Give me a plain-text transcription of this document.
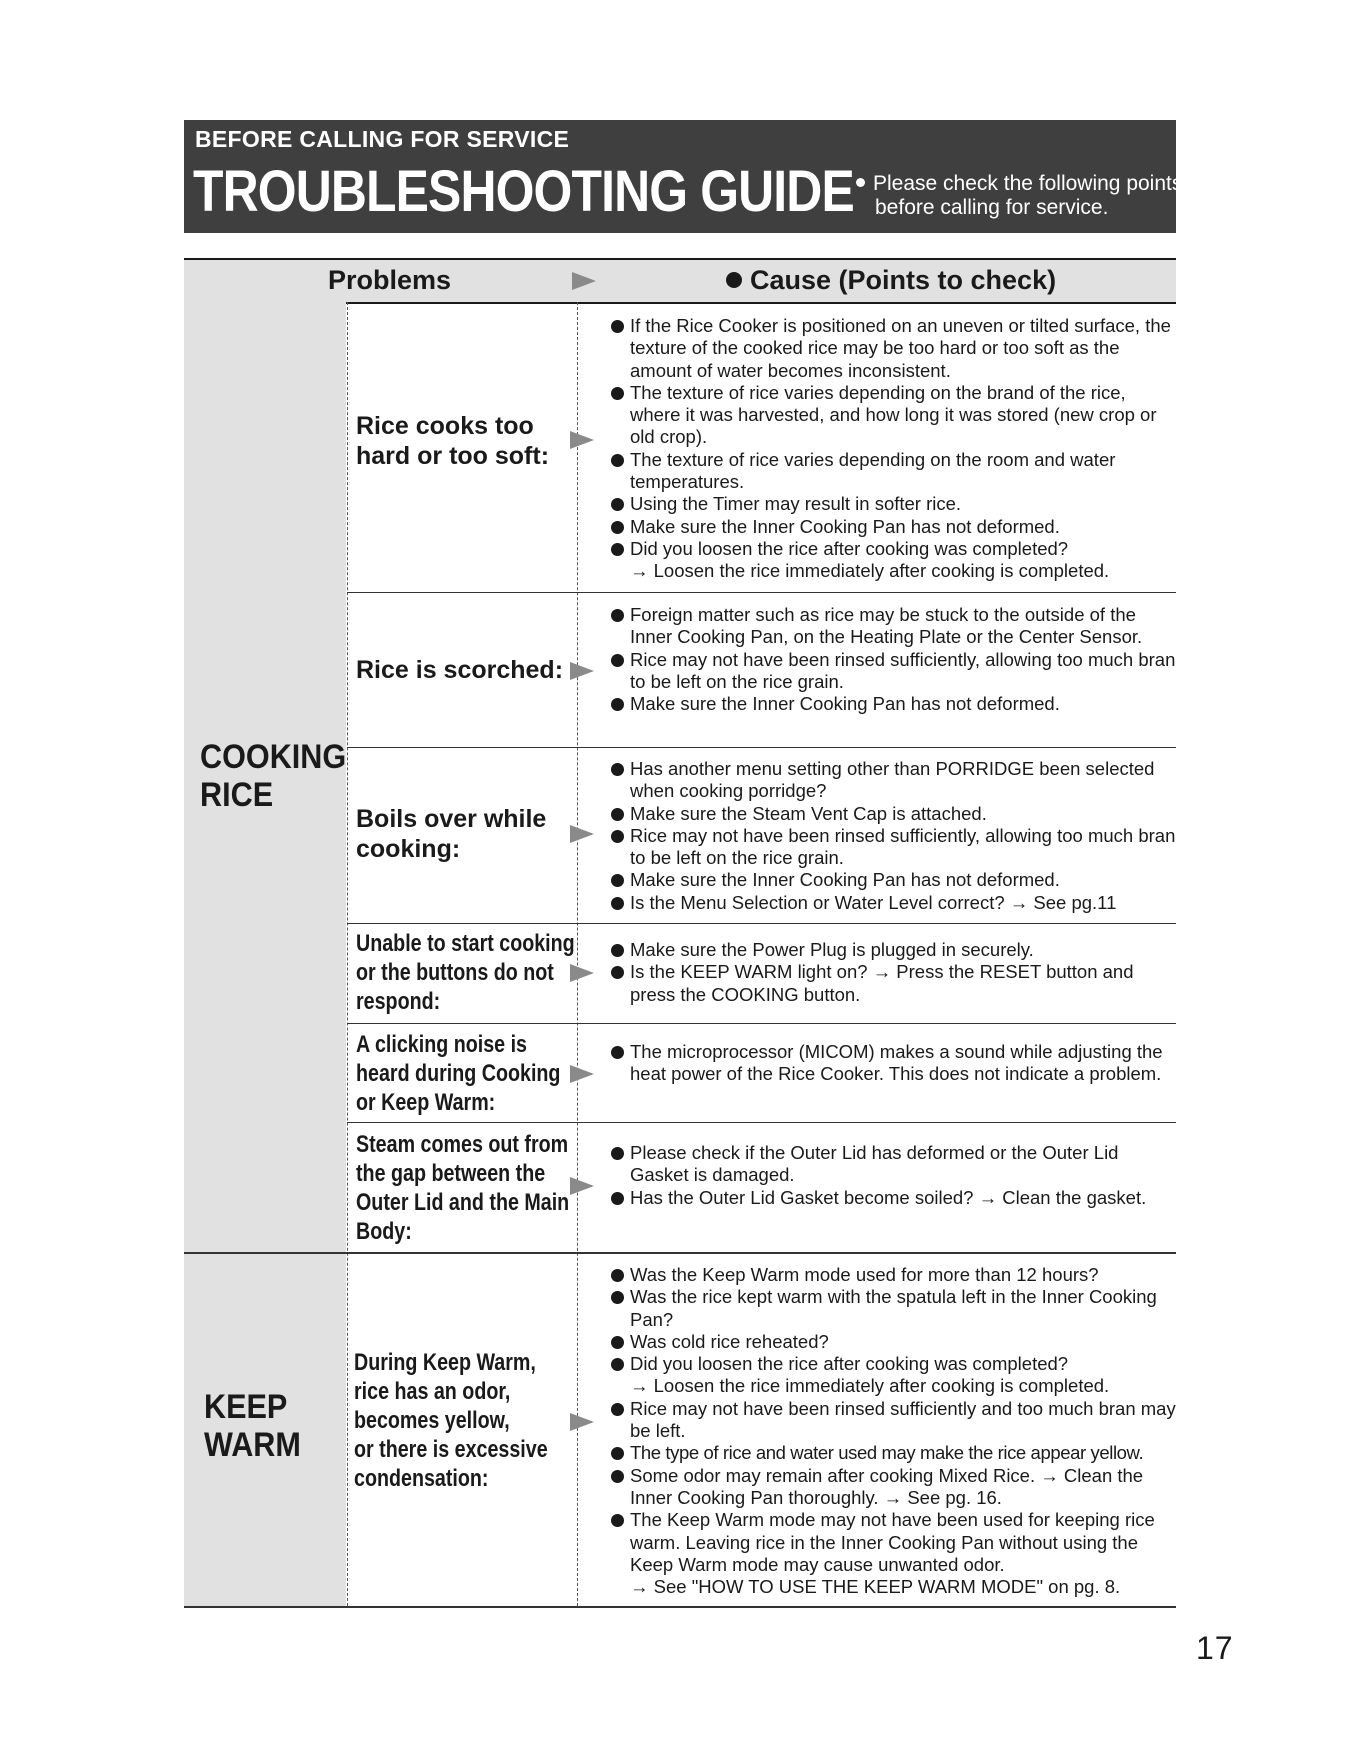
BEFORE CALLING FOR SERVICE
TROUBLESHOOTING GUIDE Please check the following points
before calling for service.
Problems	Cause (Points to check)
COOKING
RICE
KEEP
WARM
Rice cooks too
hard or too soft:
If the Rice Cooker is positioned on an uneven or tilted surface, the texture of the cooked rice may be too hard or too soft as the amount of water becomes inconsistent.
The texture of rice varies depending on the brand of the rice, where it was harvested, and how long it was stored (new crop or old crop).
The texture of rice varies depending on the room and water temperatures.
Using the Timer may result in softer rice.
Make sure the Inner Cooking Pan has not deformed.
Did you loosen the rice after cooking was completed?
→ Loosen the rice immediately after cooking is completed.
Rice is scorched:
Foreign matter such as rice may be stuck to the outside of the Inner Cooking Pan, on the Heating Plate or the Center Sensor.
Rice may not have been rinsed sufficiently, allowing too much bran to be left on the rice grain.
Make sure the Inner Cooking Pan has not deformed.
Boils over while
cooking:
Has another menu setting other than PORRIDGE been selected when cooking porridge?
Make sure the Steam Vent Cap is attached.
Rice may not have been rinsed sufficiently, allowing too much bran to be left on the rice grain.
Make sure the Inner Cooking Pan has not deformed.
Is the Menu Selection or Water Level correct? → See pg.11
Unable to start cooking
or the buttons do not
respond:
Make sure the Power Plug is plugged in securely.
Is the KEEP WARM light on? → Press the RESET button and press the COOKING button.
A clicking noise is
heard during Cooking
or Keep Warm:
The microprocessor (MICOM) makes a sound while adjusting the heat power of the Rice Cooker. This does not indicate a problem.
Steam comes out from
the gap between the
Outer Lid and the Main
Body:
Please check if the Outer Lid has deformed or the Outer Lid Gasket is damaged.
Has the Outer Lid Gasket become soiled? → Clean the gasket.
During Keep Warm,
rice has an odor,
becomes yellow,
or there is excessive
condensation:
Was the Keep Warm mode used for more than 12 hours?
Was the rice kept warm with the spatula left in the Inner Cooking Pan?
Was cold rice reheated?
Did you loosen the rice after cooking was completed?
→ Loosen the rice immediately after cooking is completed.
Rice may not have been rinsed sufficiently and too much bran may be left.
The type of rice and water used may make the rice appear yellow.
Some odor may remain after cooking Mixed Rice. → Clean the Inner Cooking Pan thoroughly. → See pg. 16.
The Keep Warm mode may not have been used for keeping rice warm. Leaving rice in the Inner Cooking Pan without using the Keep Warm mode may cause unwanted odor.
→ See "HOW TO USE THE KEEP WARM MODE" on pg. 8.
17
